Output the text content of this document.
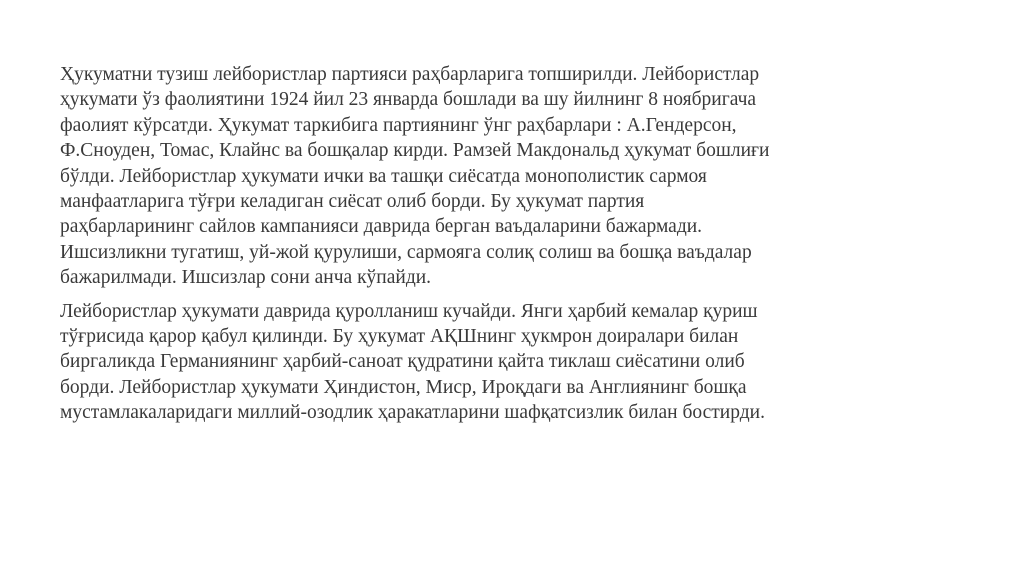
Ҳукуматни тузиш лейбористлар партияси раҳбарларига топширилди. Лейбористлар
ҳукумати ўз фаолиятини 1924 йил 23 январда бошлади ва шу йилнинг 8 ноябригача
фаолият кўрсатди. Ҳукумат таркибига партиянинг ўнг раҳбарлари : А.Гендерсон,
Ф.Сноуден, Томас, Клайнс ва бошқалар кирди. Рамзей Макдональд ҳукумат бошлиғи
бўлди. Лейбористлар ҳукумати ички ва ташқи сиёсатда монополистик сармоя
манфаатларига тўғри келадиган сиёсат олиб борди. Бу ҳукумат партия
раҳбарларининг сайлов кампанияси даврида берган ваъдаларини бажармади.
Ишсизликни тугатиш, уй-жой қурулиши, сармояга солиқ солиш ва бошқа ваъдалар
бажарилмади. Ишсизлар сони анча кўпайди.

Лейбористлар ҳукумати даврида қуролланиш кучайди. Янги ҳарбий кемалар қуриш
тўғрисида қарор қабул қилинди. Бу ҳукумат АҚШнинг ҳукмрон доиралари билан
биргаликда Германиянинг ҳарбий-саноат қудратини қайта тиклаш сиёсатини олиб
борди. Лейбористлар ҳукумати Ҳиндистон, Миср, Ироқдаги ва Англиянинг бошқа
мустамлакаларидаги миллий-озодлик ҳаракатларини шафқатсизлик билан бостирди.
